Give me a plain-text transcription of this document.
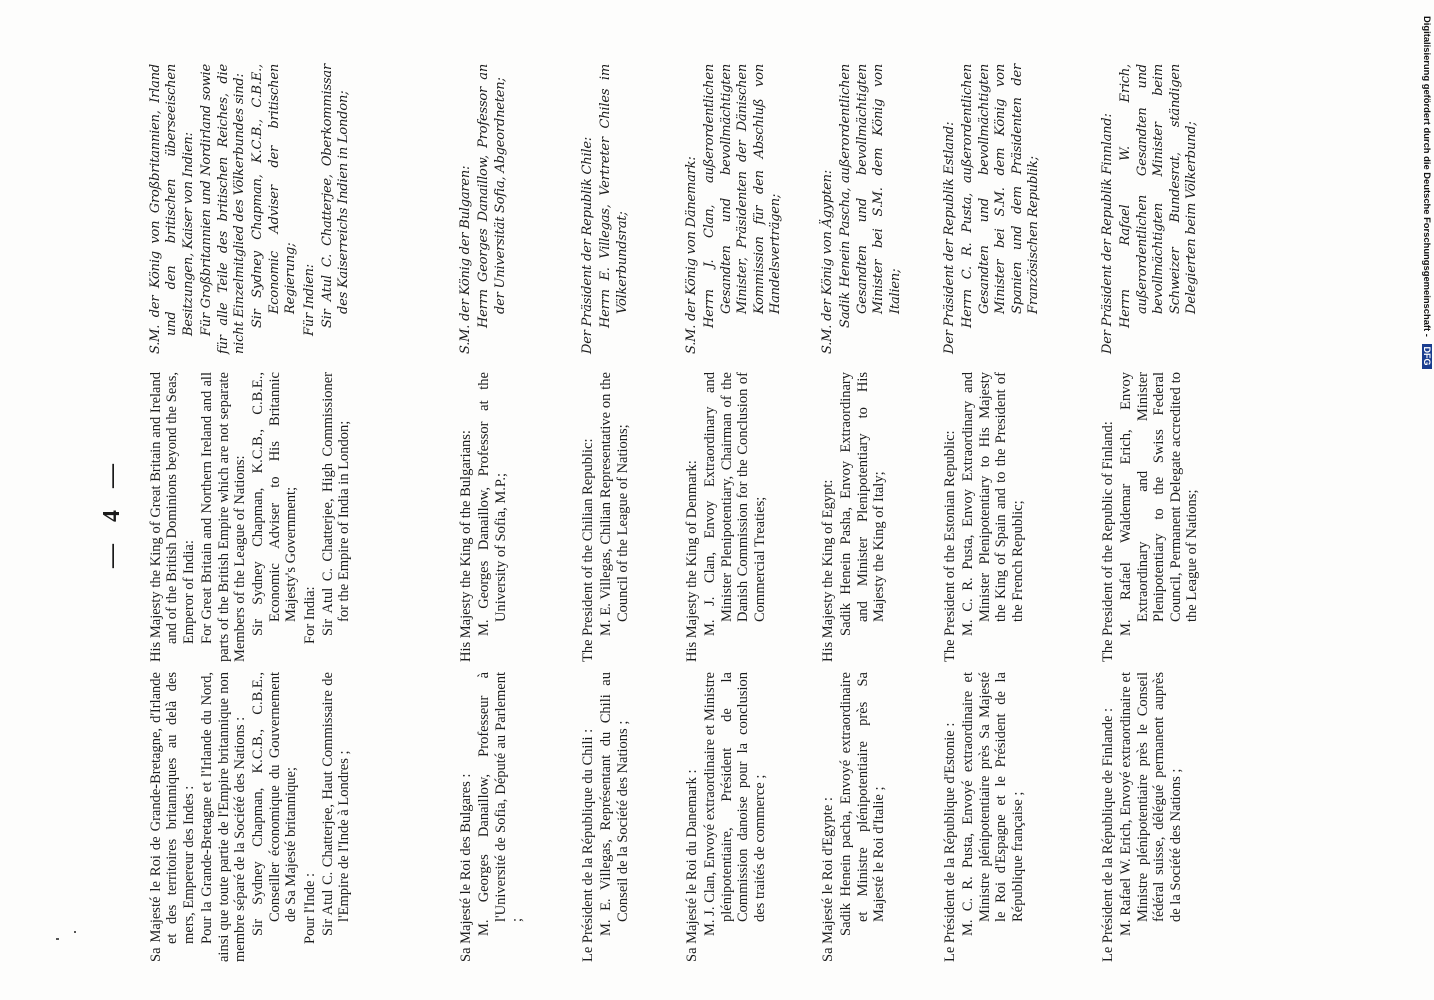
— 4 —

Sa Majesté le Roi de Grande-Bretagne, d'Irlande et des territoires britanniques au delà des mers, Empereur des Indes : Pour la Grande-Bretagne et l'Irlande du Nord, ainsi que toute partie de l'Empire britannique non membre séparé de la Société des Nations : Sir Sydney Chapman, K.C.B., C.B.E., Conseiller économique du Gouvernement de Sa Majesté britannique; Pour l'Inde : Sir Atul C. Chatterjee, Haut Commissaire de l'Empire de l'Inde à Londres ;

His Majesty the King of Great Britain and Ireland and of the British Dominions beyond the Seas, Emperor of India: For Great Britain and Northern Ireland and all parts of the British Empire which are not separate Members of the League of Nations: Sir Sydney Chapman, K.C.B., C.B.E., Economic Adviser to His Britannic Majesty's Government; For India: Sir Atul C. Chatterjee, High Commissioner for the Empire of India in London;

S.M. der König von Großbritannien, Irland und den britischen überseeischen Besitzungen, Kaiser von Indien: Für Großbritannien und Nordirland sowie für alle Teile des britischen Reiches, die nicht Einzelmitglied des Völkerbundes sind: Sir Sydney Chapman, K.C.B., C.B.E., Economic Adviser der britischen Regierung; Für Indien: Sir Atul C. Chatterjee, Oberkommissar des Kaiserreichs Indien in London;

Sa Majesté le Roi des Bulgares : M. Georges Danaillow, Professeur à l'Université de Sofia, Député au Parlement ;

His Majesty the King of the Bulgarians: M. Georges Danaillow, Professor at the University of Sofia, M.P.;

S.M. der König der Bulgaren: Herrn Georges Danaillow, Professor an der Universität Sofia, Abgeordneten;

Le Président de la République du Chili : M. E. Villegas, Représentant du Chili au Conseil de la Société des Nations ;

The President of the Chilian Republic: M. E. Villegas, Chilian Representative on the Council of the League of Nations;

Der Präsident der Republik Chile: Herrn E. Villegas, Vertreter Chiles im Völkerbundsrat;

Sa Majesté le Roi du Danemark : M. J. Clan, Envoyé extraordinaire et Ministre plénipotentiaire, Président de la Commission danoise pour la conclusion des traités de commerce ;

His Majesty the King of Denmark: M. J. Clan, Envoy Extraordinary and Minister Plenipotentiary, Chairman of the Danish Commission for the Conclusion of Commercial Treaties;

S.M. der König von Dänemark: Herrn J. Clan, außerordentlichen Gesandten und bevollmächtigten Minister, Präsidenten der Dänischen Kommission für den Abschluß von Handelsverträgen;

Sa Majesté le Roi d'Egypte : Sadik Henein pacha, Envoyé extraordinaire et Ministre plénipotentiaire près Sa Majesté le Roi d'Italie ;

His Majesty the King of Egypt: Sadik Henein Pasha, Envoy Extraordinary and Minister Plenipotentiary to His Majesty the King of Italy;

S.M. der König von Ägypten: Sadik Henein Pascha, außerordentlichen Gesandten und bevollmächtigten Minister bei S.M. dem König von Italien;

Le Président de la République d'Estonie : M. C. R. Pusta, Envoyé extraordinaire et Ministre plénipotentiaire près Sa Majesté le Roi d'Espagne et le Président de la République française ;

The President of the Estonian Republic: M. C. R. Pusta, Envoy Extraordinary and Minister Plenipotentiary to His Majesty the King of Spain and to the President of the French Republic;

Der Präsident der Republik Estland: Herrn C. R. Pusta, außerordentlichen Gesandten und bevollmächtigten Minister bei S.M. dem König von Spanien und dem Präsidenten der Französischen Republik;

Le Président de la République de Finlande : M. Rafael W. Erich, Envoyé extraordinaire et Ministre plénipotentiaire près le Conseil fédéral suisse, délégué permanent auprès de la Société des Nations ;

The President of the Republic of Finland: M. Rafael Waldemar Erich, Envoy Extraordinary and Minister Plenipotentiary to the Swiss Federal Council, Permanent Delegate accredited to the League of Nations;

Der Präsident der Republik Finnland: Herrn Rafael W. Erich, außerordentlichen Gesandten und bevollmächtigten Minister beim Schweizer Bundesrat, ständigen Delegierten beim Völkerbund;	Digitalisierung gefördert durch die Deutsche Forschungsgemeinschaft - DFG
